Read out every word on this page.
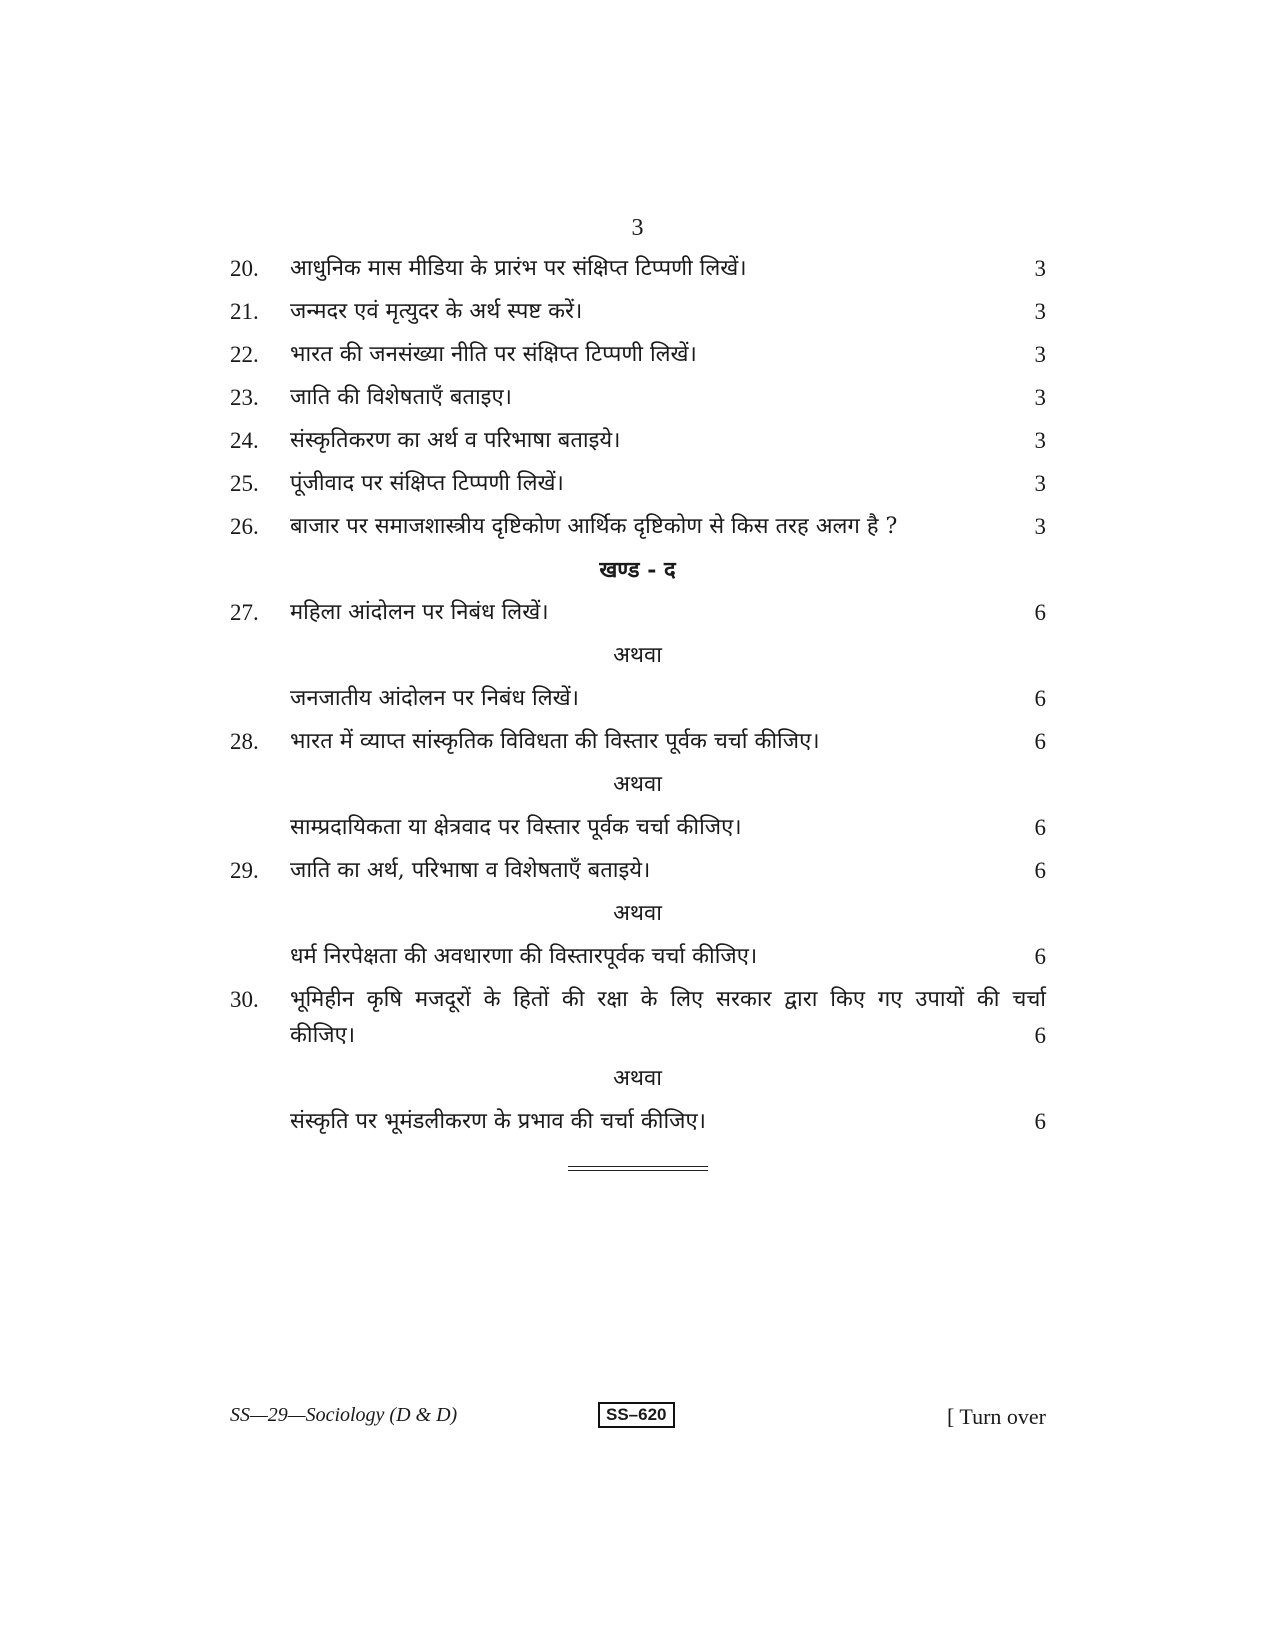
3
20. आधुनिक मास मीडिया के प्रारंभ पर संक्षिप्त टिप्पणी लिखें।	3
21. जन्मदर एवं मृत्युदर के अर्थ स्पष्ट करें।	3
22. भारत की जनसंख्या नीति पर संक्षिप्त टिप्पणी लिखें।	3
23. जाति की विशेषताएँ बताइए।	3
24. संस्कृतिकरण का अर्थ व परिभाषा बताइये।	3
25. पूंजीवाद पर संक्षिप्त टिप्पणी लिखें।	3
26. बाजार पर समाजशास्त्रीय दृष्टिकोण आर्थिक दृष्टिकोण से किस तरह अलग है ?	3
खण्ड - द
27. महिला आंदोलन पर निबंध लिखें।	6
अथवा
जनजातीय आंदोलन पर निबंध लिखें।	6
28. भारत में व्याप्त सांस्कृतिक विविधता की विस्तार पूर्वक चर्चा कीजिए।	6
अथवा
साम्प्रदायिकता या क्षेत्रवाद पर विस्तार पूर्वक चर्चा कीजिए।	6
29. जाति का अर्थ, परिभाषा व विशेषताएँ बताइये।	6
अथवा
धर्म निरपेक्षता की अवधारणा की विस्तारपूर्वक चर्चा कीजिए।	6
30. भूमिहीन कृषि मजदूरों के हितों की रक्षा के लिए सरकार द्वारा किए गए उपायों की चर्चा
कीजिए।	6
अथवा
संस्कृति पर भूमंडलीकरण के प्रभाव की चर्चा कीजिए।	6
SS—29—Sociology (D & D)	SS–620	[ Turn over
